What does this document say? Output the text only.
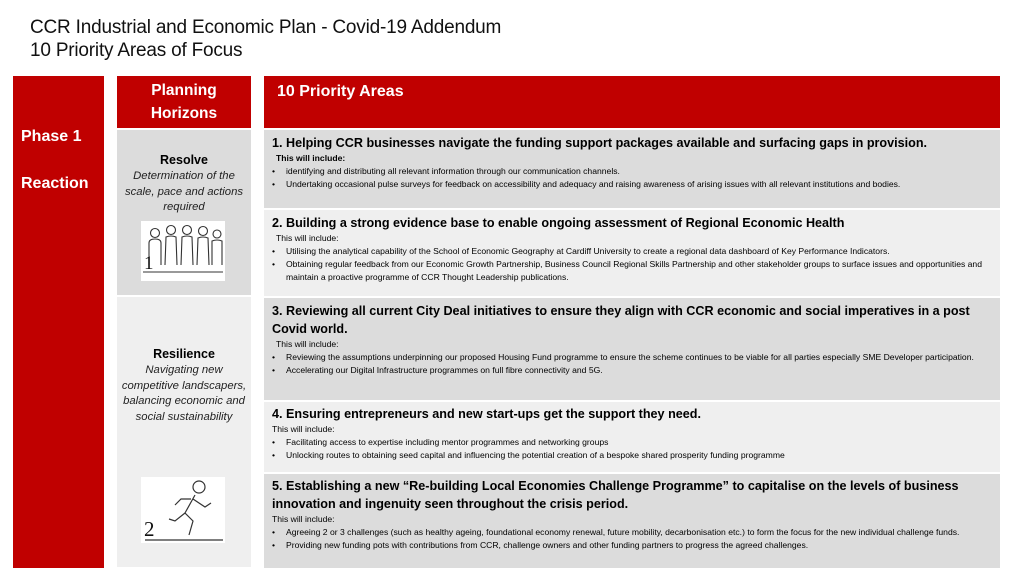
CCR Industrial and Economic Plan - Covid-19 Addendum
10 Priority Areas of Focus
Phase 1
Reaction
Planning Horizons
Resolve
Determination of the scale, pace and actions required
1
Resilience
Navigating new competitive landscapers, balancing economic and social sustainability
2
10 Priority Areas
1. Helping CCR businesses navigate the funding support packages available and surfacing gaps in provision.
This will include:
• identifying and distributing all relevant information through our communication channels.
• Undertaking occasional pulse surveys for feedback on accessibility and adequacy and raising awareness of arising issues with all relevant institutions and bodies.
2. Building a strong evidence base to enable ongoing assessment of Regional Economic Health
This will include:
• Utilising the analytical capability of the School of Economic Geography at Cardiff University to create a regional data dashboard of Key Performance Indicators.
• Obtaining regular feedback from our Economic Growth Partnership, Business Council Regional Skills Partnership and other stakeholder groups to surface issues and opportunities and maintain a proactive programme of CCR Thought Leadership publications.
3. Reviewing all current City Deal initiatives to ensure they align with CCR economic and social imperatives in a post Covid world.
This will include:
• Reviewing the assumptions underpinning our proposed Housing Fund programme to ensure the scheme continues to be viable for all parties especially SME Developer participation.
• Accelerating our Digital Infrastructure programmes on full fibre connectivity and 5G.
4. Ensuring entrepreneurs and new start-ups get the support they need.
This will include:
• Facilitating access to expertise including mentor programmes and networking groups
• Unlocking routes to obtaining seed capital and influencing the potential creation of a bespoke shared prosperity funding programme
5. Establishing a new “Re-building Local Economies Challenge Programme” to capitalise on the levels of business innovation and ingenuity seen throughout the crisis period.
This will include:
• Agreeing 2 or 3 challenges (such as healthy ageing, foundational economy renewal, future mobility, decarbonisation etc.) to form the focus for the new individual challenge funds.
• Providing new funding pots with contributions from CCR, challenge owners and other funding partners to progress the agreed challenges.
